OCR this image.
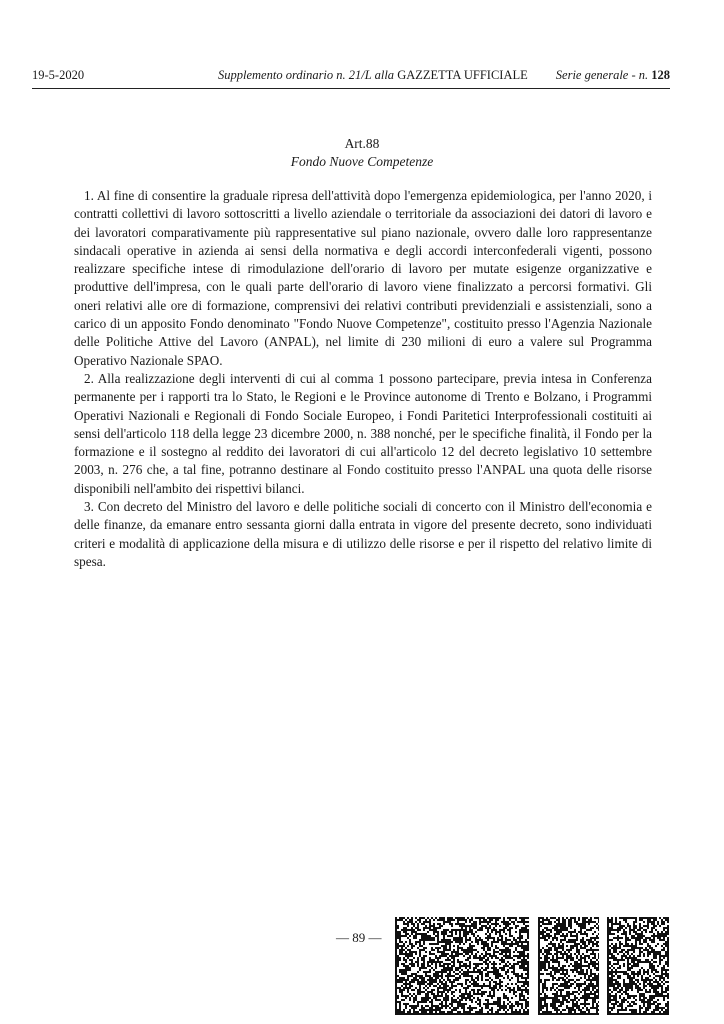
19-5-2020	Supplemento ordinario n. 21/L alla GAZZETTA UFFICIALE Serie generale - n. 128
Art.88
Fondo Nuove Competenze

1. Al fine di consentire la graduale ripresa dell'attività dopo l'emergenza epidemiologica, per l'anno 2020, i contratti collettivi di lavoro sottoscritti a livello aziendale o territoriale da associazioni dei datori di lavoro e dei lavoratori comparativamente più rappresentative sul piano nazionale, ovvero dalle loro rappresentanze sindacali operative in azienda ai sensi della normativa e degli accordi interconfederali vigenti, possono realizzare specifiche intese di rimodulazione dell'orario di lavoro per mutate esigenze organizzative e produttive dell'impresa, con le quali parte dell'orario di lavoro viene finalizzato a percorsi formativi. Gli oneri relativi alle ore di formazione, comprensivi dei relativi contributi previdenziali e assistenziali, sono a carico di un apposito Fondo denominato "Fondo Nuove Competenze", costituito presso l'Agenzia Nazionale delle Politiche Attive del Lavoro (ANPAL), nel limite di 230 milioni di euro a valere sul Programma Operativo Nazionale SPAO.

2. Alla realizzazione degli interventi di cui al comma 1 possono partecipare, previa intesa in Conferenza permanente per i rapporti tra lo Stato, le Regioni e le Province autonome di Trento e Bolzano, i Programmi Operativi Nazionali e Regionali di Fondo Sociale Europeo, i Fondi Paritetici Interprofessionali costituiti ai sensi dell'articolo 118 della legge 23 dicembre 2000, n. 388 nonché, per le specifiche finalità, il Fondo per la formazione e il sostegno al reddito dei lavoratori di cui all'articolo 12 del decreto legislativo 10 settembre 2003, n. 276 che, a tal fine, potranno destinare al Fondo costituito presso l'ANPAL una quota delle risorse disponibili nell'ambito dei rispettivi bilanci.

3. Con decreto del Ministro del lavoro e delle politiche sociali di concerto con il Ministro dell'economia e delle finanze, da emanare entro sessanta giorni dalla entrata in vigore del presente decreto, sono individuati criteri e modalità di applicazione della misura e di utilizzo delle risorse e per il rispetto del relativo limite di spesa.

— 89 —
